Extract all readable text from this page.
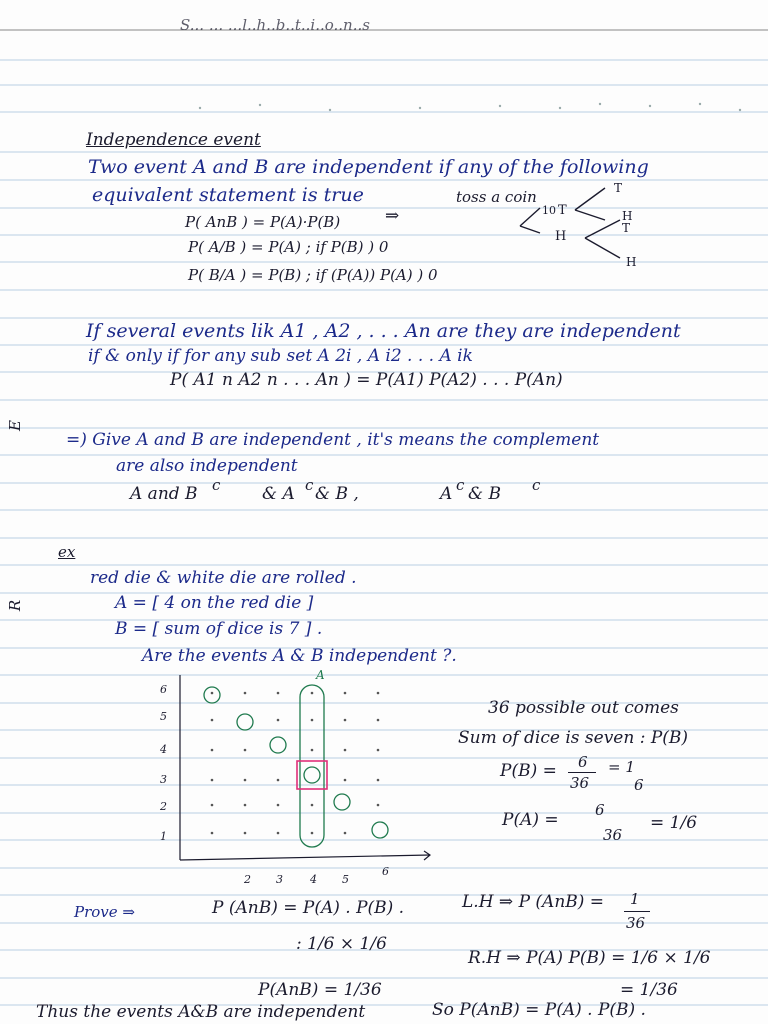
S... ... ...l..h..b..t..i..o..n..s
Independence event
Two event A and B are independent if any of the following
equivalent statement is true
P( AnB ) = P(A)·P(B)
P( A/B ) = P(A) ; if P(B) ) 0
P( B/A ) = P(B) ; if (P(A)) P(A) ) 0
toss a coin
⇒	10 T
H
T
H
T
H
If several events lik A1 , A2 , . . . An are they are independent
if & only if for any sub set A 2i , A i2 . . . A ik
P( A1 n A2 n . . . An ) = P(A1) P(A2) . . . P(An)
E
R
=) Give A and B are independent , it's means the complement
are also independent
A and B c & A c & B ,	A c & B c
ex
red die & white die are rolled .
A = [ 4 on the red die ]
B = [ sum of dice is 7 ] .
Are the events A & B independent ?.
6
5
4
3
2
1
2 3 4 5
6
A
36 possible out comes
Sum of dice is seven : P(B)
P(B) = 6
36
= 1
6
P(A) = 6
36
= 1/6
Prove ⇒	P (AnB) = P(A) . P(B) .
: 1/6 × 1/6
L.H ⇒ P (AnB) = 1
36
R.H ⇒ P(A) P(B) = 1/6 × 1/6
= 1/36
P(AnB) = 1/36
Thus the events A&B are independent	So P(AnB) = P(A) . P(B) .
